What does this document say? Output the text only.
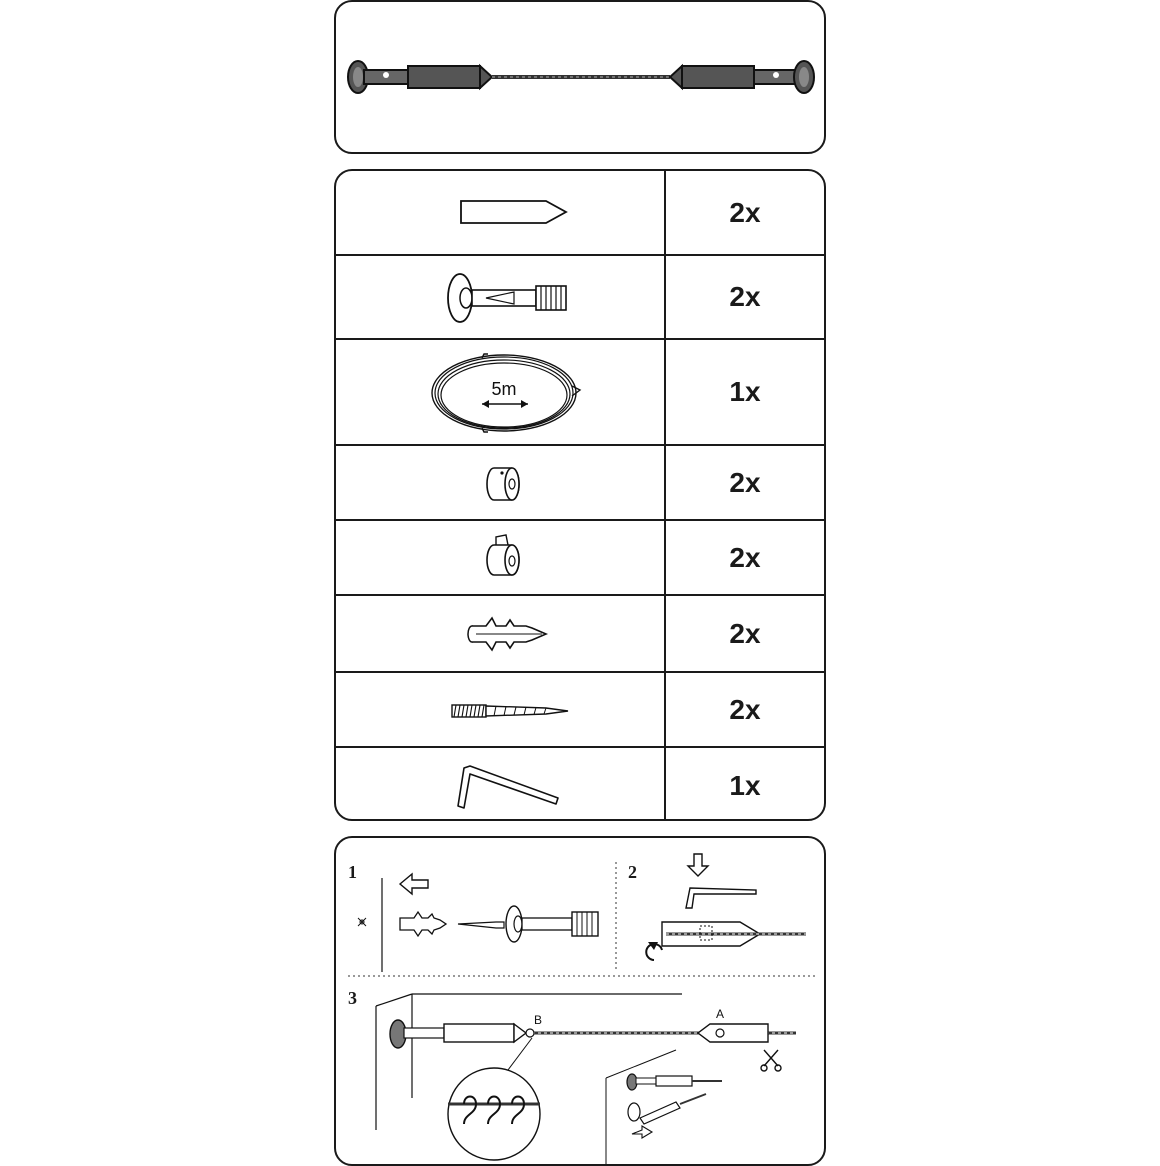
2x
2x
5m	1x
2x
2x
2x
2x
1x
1	2
3
B	A
